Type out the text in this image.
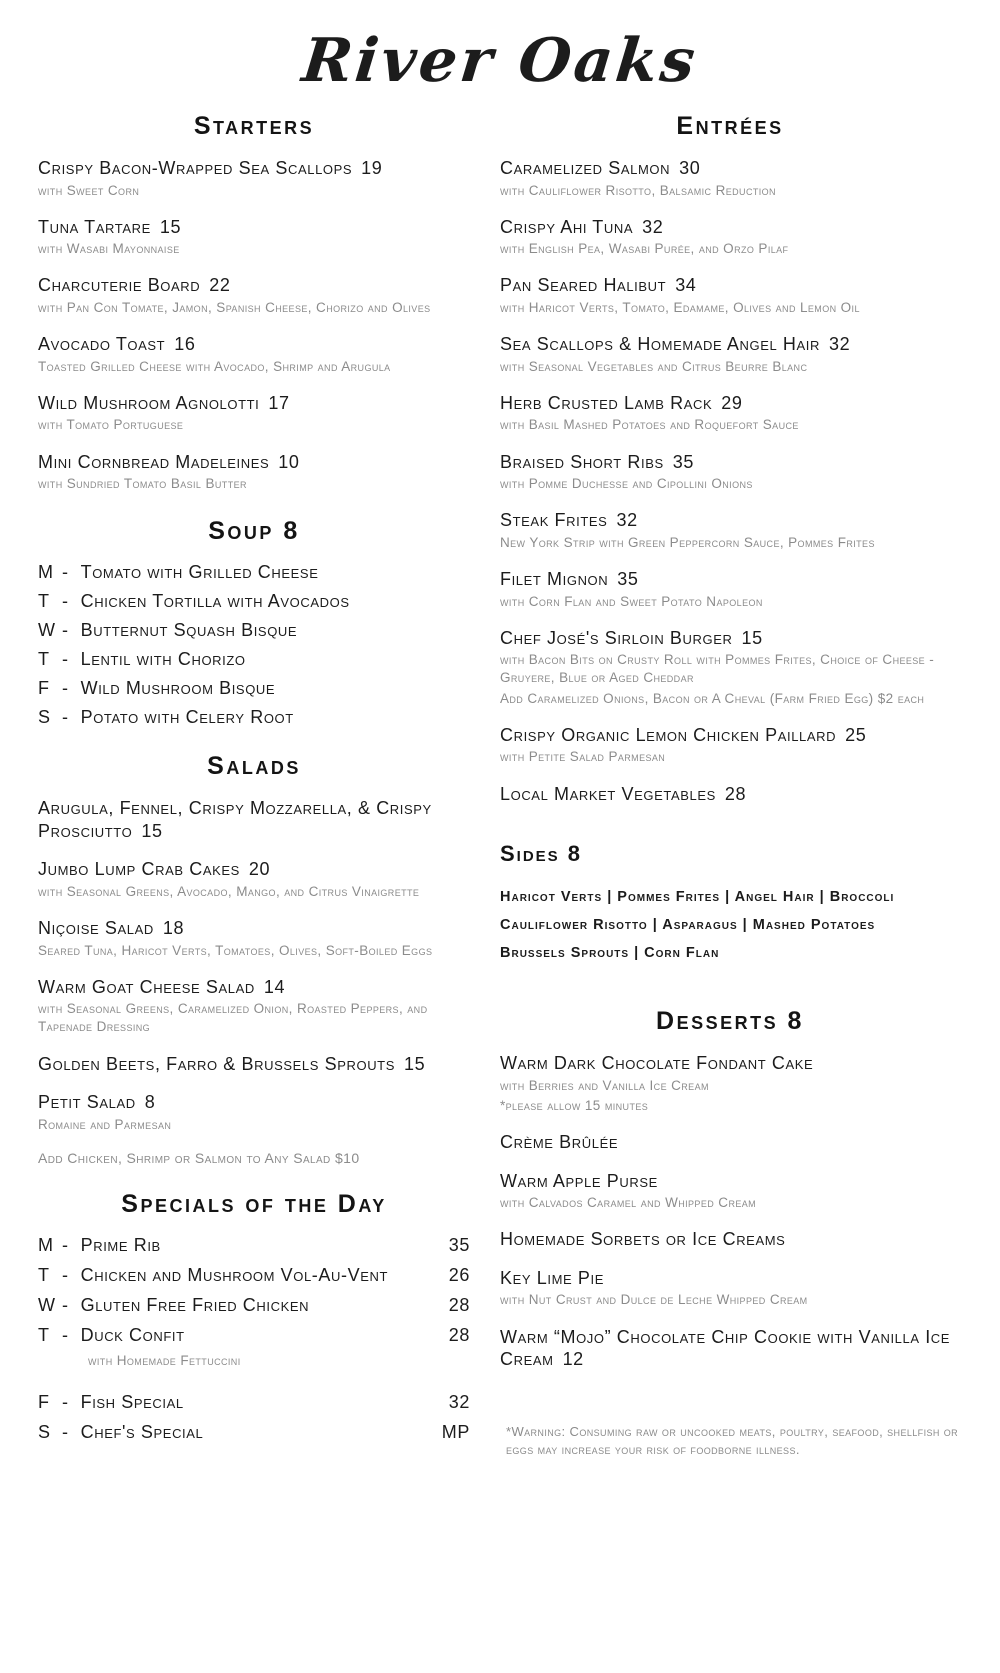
River Oaks
Starters
Crispy Bacon-Wrapped Sea Scallops 19
with Sweet Corn
Tuna Tartare 15
with Wasabi Mayonnaise
Charcuterie Board 22
with Pan Con Tomate, Jamon, Spanish Cheese, Chorizo and Olives
Avocado Toast 16
Toasted Grilled Cheese with Avocado, Shrimp and Arugula
Wild Mushroom Agnolotti 17
with Tomato Portuguese
Mini Cornbread Madeleines 10
with Sundried Tomato Basil Butter
Soup 8
M - Tomato with Grilled Cheese
T - Chicken Tortilla with Avocados
W - Butternut Squash Bisque
T - Lentil with Chorizo
F - Wild Mushroom Bisque
S - Potato with Celery Root
Salads
Arugula, Fennel, Crispy Mozzarella, & Crispy Prosciutto 15
Jumbo Lump Crab Cakes 20
with Seasonal Greens, Avocado, Mango, and Citrus Vinaigrette
Niçoise Salad 18
Seared Tuna, Haricot Verts, Tomatoes, Olives, Soft-Boiled Eggs
Warm Goat Cheese Salad 14
with Seasonal Greens, Caramelized Onion, Roasted Peppers, and Tapenade Dressing
Golden Beets, Farro & Brussels Sprouts 15
Petit Salad 8
Romaine and Parmesan
Add Chicken, Shrimp or Salmon to Any Salad $10
Specials of the Day
M - Prime Rib	35
T - Chicken and Mushroom Vol-Au-Vent	26
W - Gluten Free Fried Chicken	28
T - Duck Confit	28
with Homemade Fettuccini
F - Fish Special	32
S - Chef's Special	MP
Entrées
Caramelized Salmon 30
with Cauliflower Risotto, Balsamic Reduction
Crispy Ahi Tuna 32
with English Pea, Wasabi Purée, and Orzo Pilaf
Pan Seared Halibut 34
with Haricot Verts, Tomato, Edamame, Olives and Lemon Oil
Sea Scallops & Homemade Angel Hair 32
with Seasonal Vegetables and Citrus Beurre Blanc
Herb Crusted Lamb Rack 29
with Basil Mashed Potatoes and Roquefort Sauce
Braised Short Ribs 35
with Pomme Duchesse and Cipollini Onions
Steak Frites 32
New York Strip with Green Peppercorn Sauce, Pommes Frites
Filet Mignon 35
with Corn Flan and Sweet Potato Napoleon
Chef José's Sirloin Burger 15
with Bacon Bits on Crusty Roll with Pommes Frites, Choice of Cheese - Gruyere, Blue or Aged Cheddar
Add Caramelized Onions, Bacon or A Cheval (Farm Fried Egg) $2 each
Crispy Organic Lemon Chicken Paillard 25
with Petite Salad Parmesan
Local Market Vegetables 28
Sides 8
Haricot Verts | Pommes Frites | Angel Hair | Broccoli
Cauliflower Risotto | Asparagus | Mashed Potatoes
Brussels Sprouts | Corn Flan
Desserts 8
Warm Dark Chocolate Fondant Cake
with Berries and Vanilla Ice Cream
*please allow 15 minutes
Crème Brûlée
Warm Apple Purse
with Calvados Caramel and Whipped Cream
Homemade Sorbets or Ice Creams
Key Lime Pie
with Nut Crust and Dulce de Leche Whipped Cream
Warm “Mojo” Chocolate Chip Cookie with Vanilla Ice Cream 12
*Warning: Consuming raw or uncooked meats, poultry, seafood, shellfish or eggs may increase your risk of foodborne illness.
